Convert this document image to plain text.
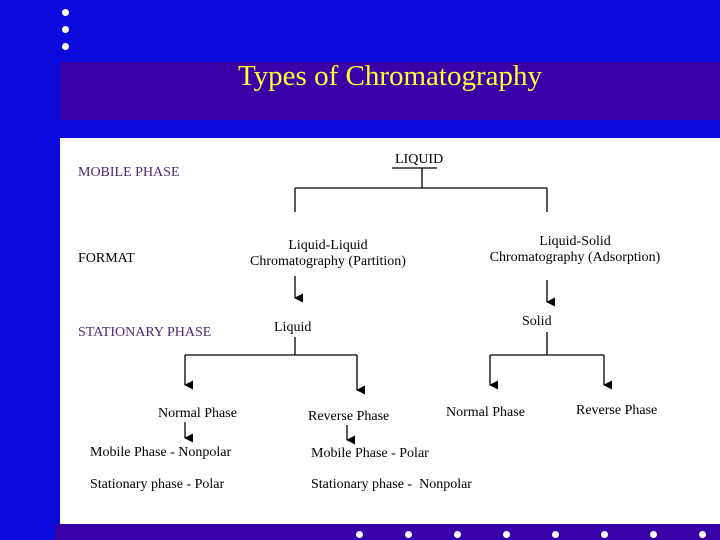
Types of Chromatography
MOBILE PHASE
FORMAT
STATIONARY PHASE
LIQUID
Liquid-Liquid
Chromatography (Partition)
Liquid-Solid
Chromatography (Adsorption)
Liquid	Solid
Normal Phase	Reverse Phase	Normal Phase	Reverse Phase
Mobile Phase - Nonpolar
Stationary phase - Polar
Mobile Phase - Polar
Stationary phase -  Nonpolar
